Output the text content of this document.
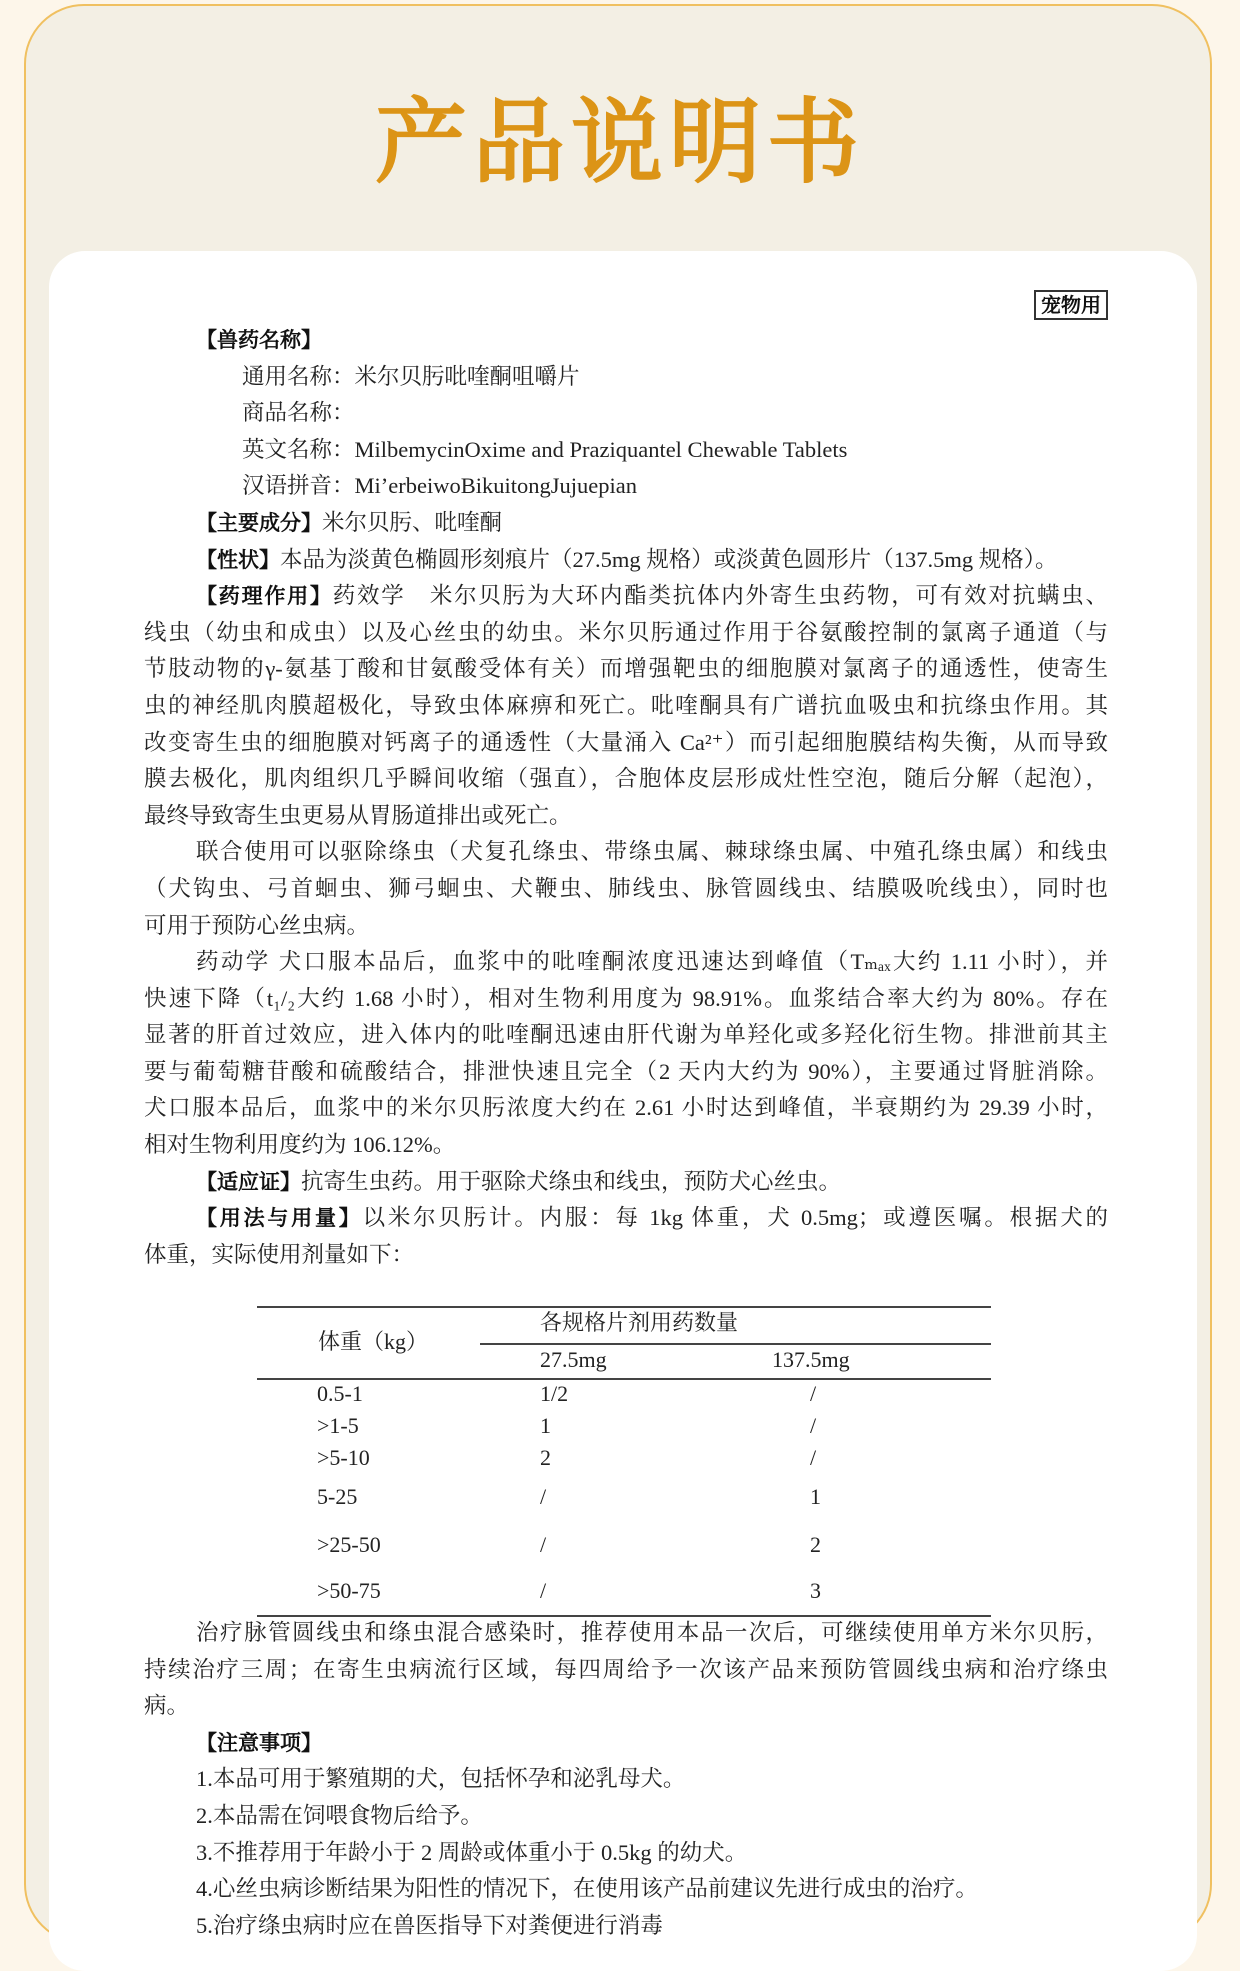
产品说明书
宠物用
【兽药名称】
通用名称：米尔贝肟吡喹酮咀嚼片
商品名称：
英文名称：MilbemycinOxime and Praziquantel Chewable Tablets
汉语拼音：Mi’erbeiwoBikuitongJujuepian
【主要成分】米尔贝肟、吡喹酮
【性状】本品为淡黄色椭圆形刻痕片（27.5mg 规格）或淡黄色圆形片（137.5mg 规格）。
【药理作用】药效学　米尔贝肟为大环内酯类抗体内外寄生虫药物，可有效对抗螨虫、
线虫（幼虫和成虫）以及心丝虫的幼虫。米尔贝肟通过作用于谷氨酸控制的氯离子通道（与
节肢动物的γ-氨基丁酸和甘氨酸受体有关）而增强靶虫的细胞膜对氯离子的通透性，使寄生
虫的神经肌肉膜超极化，导致虫体麻痹和死亡。吡喹酮具有广谱抗血吸虫和抗绦虫作用。其
改变寄生虫的细胞膜对钙离子的通透性（大量涌入 Ca²⁺）而引起细胞膜结构失衡，从而导致
膜去极化，肌肉组织几乎瞬间收缩（强直），合胞体皮层形成灶性空泡，随后分解（起泡），
最终导致寄生虫更易从胃肠道排出或死亡。
联合使用可以驱除绦虫（犬复孔绦虫、带绦虫属、棘球绦虫属、中殖孔绦虫属）和线虫
（犬钩虫、弓首蛔虫、狮弓蛔虫、犬鞭虫、肺线虫、脉管圆线虫、结膜吸吮线虫），同时也
可用于预防心丝虫病。
药动学 犬口服本品后，血浆中的吡喹酮浓度迅速达到峰值（Tₘₐₓ大约 1.11 小时），并
快速下降（t₁/₂大约 1.68 小时），相对生物利用度为 98.91%。血浆结合率大约为 80%。存在
显著的肝首过效应，进入体内的吡喹酮迅速由肝代谢为单羟化或多羟化衍生物。排泄前其主
要与葡萄糖苷酸和硫酸结合，排泄快速且完全（2 天内大约为 90%），主要通过肾脏消除。
犬口服本品后，血浆中的米尔贝肟浓度大约在 2.61 小时达到峰值，半衰期约为 29.39 小时，
相对生物利用度约为 106.12%。
【适应证】抗寄生虫药。用于驱除犬绦虫和线虫，预防犬心丝虫。
【用法与用量】以米尔贝肟计。内服：每 1kg 体重，犬 0.5mg；或遵医嘱。根据犬的
体重，实际使用剂量如下：
各规格片剂用药数量
体重（kg）
27.5mg	137.5mg
0.5-1	1/2	/
>1-5	1	/
>5-10	2	/
5-25	/	1
>25-50	/	2
>50-75	/	3
治疗脉管圆线虫和绦虫混合感染时，推荐使用本品一次后，可继续使用单方米尔贝肟，
持续治疗三周；在寄生虫病流行区域，每四周给予一次该产品来预防管圆线虫病和治疗绦虫
病。
【注意事项】
1.本品可用于繁殖期的犬，包括怀孕和泌乳母犬。
2.本品需在饲喂食物后给予。
3.不推荐用于年龄小于 2 周龄或体重小于 0.5kg 的幼犬。
4.心丝虫病诊断结果为阳性的情况下，在使用该产品前建议先进行成虫的治疗。
5.治疗绦虫病时应在兽医指导下对粪便进行消毒
